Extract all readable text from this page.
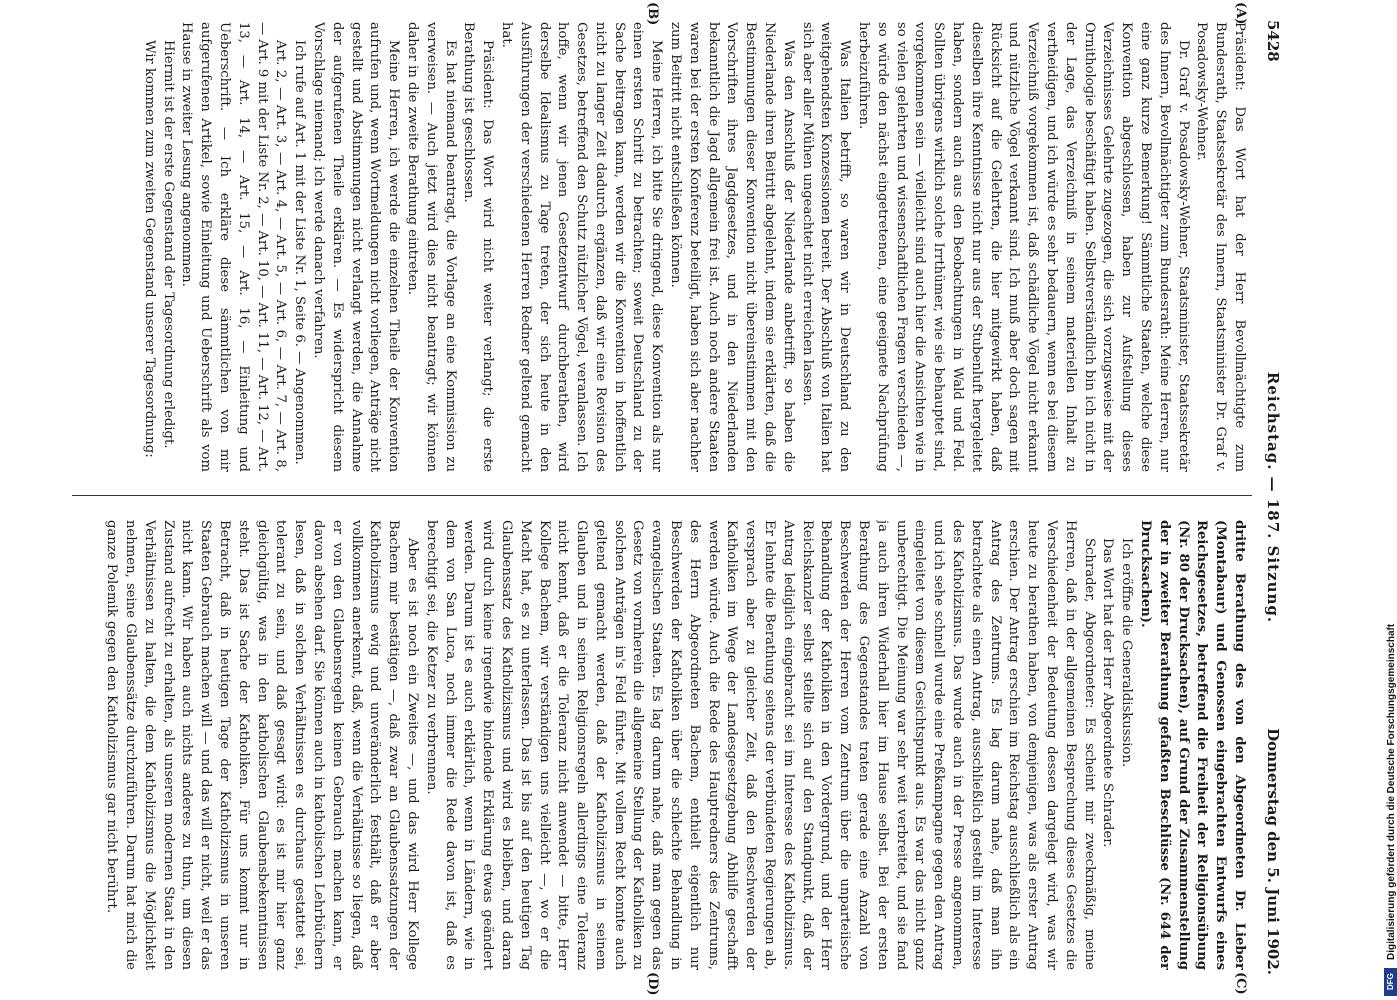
5428
Reichstag. — 187. Sitzung.
Donnerstag den 5. Juni 1902.
(A)
(B)
(C)
(D)

Präsident: Das Wort hat der Herr Bevollmächtigte zum Bundesrath, Staatssekretär des Innern, Staatsminister Dr. Graf v. Posadowsky-Wehner.

Dr. Graf v. Posadowsky-Wehner, Staatsminister, Staatssekretär des Innern, Bevollmächtigter zum Bundesrath: Meine Herren, nur eine ganz kurze Bemerkung! Sämmtliche Staaten, welche diese Konvention abgeschlossen, haben zur Aufstellung dieses Verzeichnisses Gelehrte zugezogen, die sich vorzugsweise mit der Ornithologie beschäftigt haben. Selbstverständlich bin ich nicht in der Lage, das Verzeichniß in seinem materiellen Inhalt zu vertheidigen, und ich würde es sehr bedauern, wenn es bei diesem Verzeichniß vorgekommen ist, daß schädliche Vögel nicht erkannt und nützliche Vögel verkannt sind. Ich muß aber doch sagen mit Rücksicht auf die Gelehrten, die hier mitgewirkt haben, daß dieselben ihre Kenntnisse nicht nur aus der Stubenluft hergeleitet haben, sondern auch aus den Beobachtungen in Wald und Feld. Sollten übrigens wirklich solche Irrthümer, wie sie behauptet sind, vorgekommen sein — vielleicht sind auch hier die Ansichten wie in so vielen gelehrten und wissenschaftlichen Fragen verschieden —, so würde den nächst eingetretenen, eine geeignete Nachprüfung herbeizuführen.

Was Italien betrifft, so waren wir in Deutschland zu den weitgehendsten Konzessionen bereit. Der Abschluß von Italien hat sich aber aller Mühen ungeachtet nicht erreichen lassen.

Was den Anschluß der Niederlande anbetrifft, so haben die Niederlande ihren Beitritt abgelehnt, indem sie erklärten, daß die Bestimmungen dieser Konvention nicht übereinstimmen mit den Vorschriften ihres Jagdgesetzes, und in den Niederlanden bekanntlich die Jagd allgemein frei ist. Auch noch andere Staaten waren bei der ersten Konferenz beteiligt, haben sich aber nachher zum Beitritt nicht entschließen können.

Meine Herren, ich bitte Sie dringend, diese Konvention als nur einen ersten Schritt zu betrachten; soweit Deutschland zu der Sache beitragen kann, werden wir die Konvention in hoffentlich nicht zu langer Zeit dadurch ergänzen, daß wir eine Revision des Gesetzes, betreffend den Schutz nützlicher Vögel, veranlassen. Ich hoffe, wenn wir jenen Gesetzentwurf durchberathen, wird derselbe Idealismus zu Tage treten, der sich heute in den Ausführungen der verschiedenen Herren Redner geltend gemacht hat.

Präsident: Das Wort wird nicht weiter verlangt; die erste Berathung ist geschlossen.

Es hat niemand beantragt, die Vorlage an eine Kommission zu verweisen. — Auch jetzt wird dies nicht beantragt; wir können daher in die zweite Berathung eintreten.

Meine Herren, ich werde die einzelnen Theile der Konvention aufrufen und, wenn Wortmeldungen nicht vorliegen, Anträge nicht gestellt und Abstimmungen nicht verlangt werden, die Annahme der aufgerufenen Theile erklären. — Es widerspricht diesem Vorschlage niemand; ich werde danach verfahren.

Ich rufe auf Art. 1 mit der Liste Nr. 1, Seite 6. — Angenommen.

Art. 2, — Art. 3, — Art. 4, — Art. 5, — Art. 6, — Art. 7, — Art. 8, — Art. 9 mit der Liste Nr. 2, — Art. 10, — Art. 11, — Art. 12, — Art. 13, — Art. 14, — Art. 15, — Art. 16, — Einleitung und Ueberschrift. — Ich erkläre diese sämmtlichen von mir aufgerufenen Artikel, sowie Einleitung und Ueberschrift als vom Hause in zweiter Lesung angenommen.

Hiermit ist der erste Gegenstand der Tagesordnung erledigt.

Wir kommen zum zweiten Gegenstand unserer Tagesordnung:

dritte Berathung des von den Abgeordneten Dr. Lieber (Montabaur) und Genossen eingebrachten Entwurfs eines Reichsgesetzes, betreffend die Freiheit der Religionsübung (Nr. 80 der Drucksachen), auf Grund der Zusammenstellung der in zweiter Berathung gefaßten Beschlüsse (Nr. 644 der Drucksachen).

Ich eröffne die Generaldiskussion.

Das Wort hat der Herr Abgeordnete Schrader.

Schrader, Abgeordneter: Es scheint mir zweckmäßig, meine Herren, daß in der allgemeinen Besprechung dieses Gesetzes die Verschiedenheit der Bedeutung dessen dargelegt wird, was wir heute zu berathen haben, von demjenigen, was als erster Antrag erschien. Der Antrag erschien im Reichstag ausschließlich als ein Antrag des Zentrums. Es lag darum nahe, daß man ihn betrachtete als einen Antrag, ausschließlich gestellt im Interesse des Katholizismus. Das wurde auch in der Presse angenommen, und ich sehe schnell wurde eine Preßkampagne gegen den Antrag eingeleitet von diesem Gesichtspunkt aus. Es war das nicht ganz unberechtigt. Die Meinung war sehr weit verbreitet, und sie fand ja auch ihren Widerhall hier im Hause selbst. Bei der ersten Berathung des Gegenstandes traten gerade eine Anzahl von Beschwerden der Herren vom Zentrum über die unparteiische Behandlung der Katholiken in den Vordergrund, und der Herr Reichskanzler selbst stellte sich auf den Standpunkt, daß der Antrag lediglich eingebracht sei im Interesse des Katholizismus. Er lehnte die Berathung seitens der verbündeten Regierungen ab, versprach aber zu gleicher Zeit, daß den Beschwerden der Katholiken im Wege der Landesgesetzgebung Abhilfe geschafft werden würde. Auch die Rede des Hauptredners des Zentrums, des Herrn Abgeordneten Bachem, enthielt eigentlich nur Beschwerden der Katholiken über die schlechte Behandlung in evangelischen Staaten. Es lag darum nahe, daß man gegen das Gesetz von vornherein die allgemeine Stellung der Katholiken zu solchen Anträgen in's Feld führte. Mit vollem Recht konnte auch geltend gemacht werden, daß der Katholizismus in seinem Glauben und in seinen Religionsregeln allerdings eine Toleranz nicht kennt, daß er die Toleranz nicht anwendet — bitte, Herr Kollege Bachem, wir verständigen uns vielleicht —, wo er die Macht hat, es zu unterlassen. Das ist bis auf den heutigen Tag Glaubenssatz des Katholizismus und wird es bleiben, und daran wird durch keine irgendwie bindende Erklärung etwas geändert werden. Darum ist es auch erklärlich, wenn in Ländern, wie in dem von San Luca, noch immer die Rede davon ist, daß es berechtigt sei, die Ketzer zu verbrennen.

Aber es ist noch ein Zweites —, und das wird Herr Kollege Bachem mir bestätigen —, daß zwar an Glaubenssatzungen der Katholizismus ewig und unveränderlich festhält, daß er aber vollkommen anerkennt, daß, wenn die Verhältnisse so liegen, daß er von den Glaubensregeln keinen Gebrauch machen kann, er davon absehen darf. Sie können auch in katholischen Lehrbüchern lesen, daß in solchen Verhältnissen es durchaus gestattet sei, tolerant zu sein, und daß gesagt wird: es ist mir hier ganz gleichgültig, was in den katholischen Glaubensbekenntnissen steht. Das ist Sache der Katholiken. Für uns kommt nur in Betracht, daß in heutigen Tage der Katholizismus in unseren Staaten Gebrauch machen will — und das will er nicht, weil er das nicht kann. Wir haben auch nichts anderes zu thun, um diesen Zustand aufrecht zu erhalten, als unseren modernen Staat in den Verhältnissen zu halten, die dem Katholizismus die Möglichkeit nehmen, seine Glaubenssätze durchzuführen. Darum hat mich die ganze Polemik gegen den Katholizismus gar nicht berührt.	Digitalisierung gefördert durch die Deutsche Forschungsgemeinschaft
DFG
